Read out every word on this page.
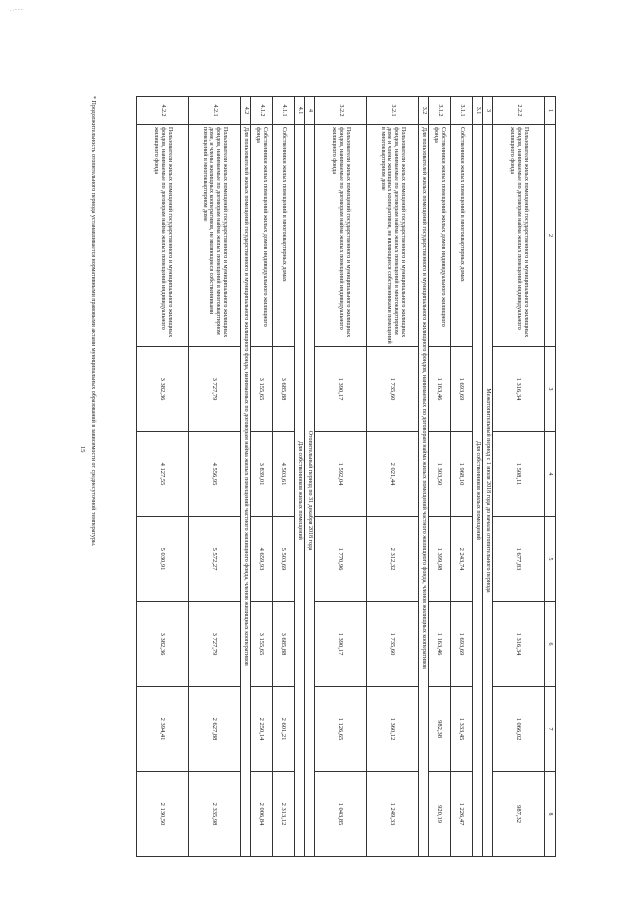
. . - - -
15
1	2	3	4	5	6	7	8
2.2.2	Пользователи жилых помещений государственного и муниципального жилищных фондов, нанимаемые по договорам найма жилых помещений индивидуального жилищного фонда	1 316,34	1 508,11	1 677,83	1 316,34	1 066,02	987,32
3	Межотопительный период с 1 июля 2018 года до начала отопительного периода						
3.1	Для собственников жилых помещений						
3.1.1	Собственники жилых помещений в многоквартирных домах	1 693,69	1 968,10	2 243,74	1 693,69	1 333,45	1 226,47
3.1.2	Собственники жилых помещений жилых домов индивидуального жилищного фонда	1 163,46	1 303,50	1 399,98	1 163,46	982,38	920,19
3.2	Для пользователей жилых помещений государственного и муниципального жилищного фондов, нанимаемых по договорам найма жилых помещений частного жилищного фонда, членов жилищных кооперативов						
3.2.1	Пользователи жилых помещений государственного и муниципального жилищных фондов, нанимаемые по договорам найма жилых помещений в многоквартирном доме и члены жилищных кооперативов, не являющиеся собственниками помещений в многоквартирном доме	1 735,60	2 021,44	2 312,32	1 735,60	1 360,12	1 249,33
3.2.2	Пользователи жилых помещений государственного и муниципального жилищных фондов, нанимаемые по договорам найма жилых помещений индивидуального жилищного фонда	1 390,17	1 592,04	1 770,96	1 390,17	1 126,65	1 043,85
4	Отопительный период по 31 декабря 2018 года						
4.1	Для собственников жилых помещений						
4.1.1	Собственники жилых помещений в многоквартирных домах	3 685,88	4 503,61	5 503,69	3 685,88	2 601,21	2 313,12
4.1.2	Собственники жилых помещений жилых домов индивидуального жилищного фонда	3 155,65	3 839,01	4 659,93	3 155,65	2 250,14	2 006,84
4.2	Для пользователей жилых помещений государственного и муниципального жилищного фонда, нанимаемых по договорам найма жилых помещений частного жилищного фонда, членов жилищных кооперативов						
4.2.1	Пользователи жилых помещений государственного и муниципального жилищных фондов, нанимаемые по договорам найма жилых помещений в многоквартирном доме, и члены жилищных кооперативов, не являющиеся собственниками помещений в многоквартирном доме	3 727,79	4 556,95	5 572,27	3 727,79	2 627,88	2 335,98
4.2.2	Пользователи жилых помещений государственного и муниципального жилищных фондов, нанимаемые по договорам найма жилых помещений индивидуального жилищного фонда	3 382,36	4 127,55	5 030,91	3 382,36	2 394,41	2 130,50
* Продолжительность отопительного периода устанавливается нормативными правовыми актами муниципальных образований в зависимости от среднесуточной температуры.
